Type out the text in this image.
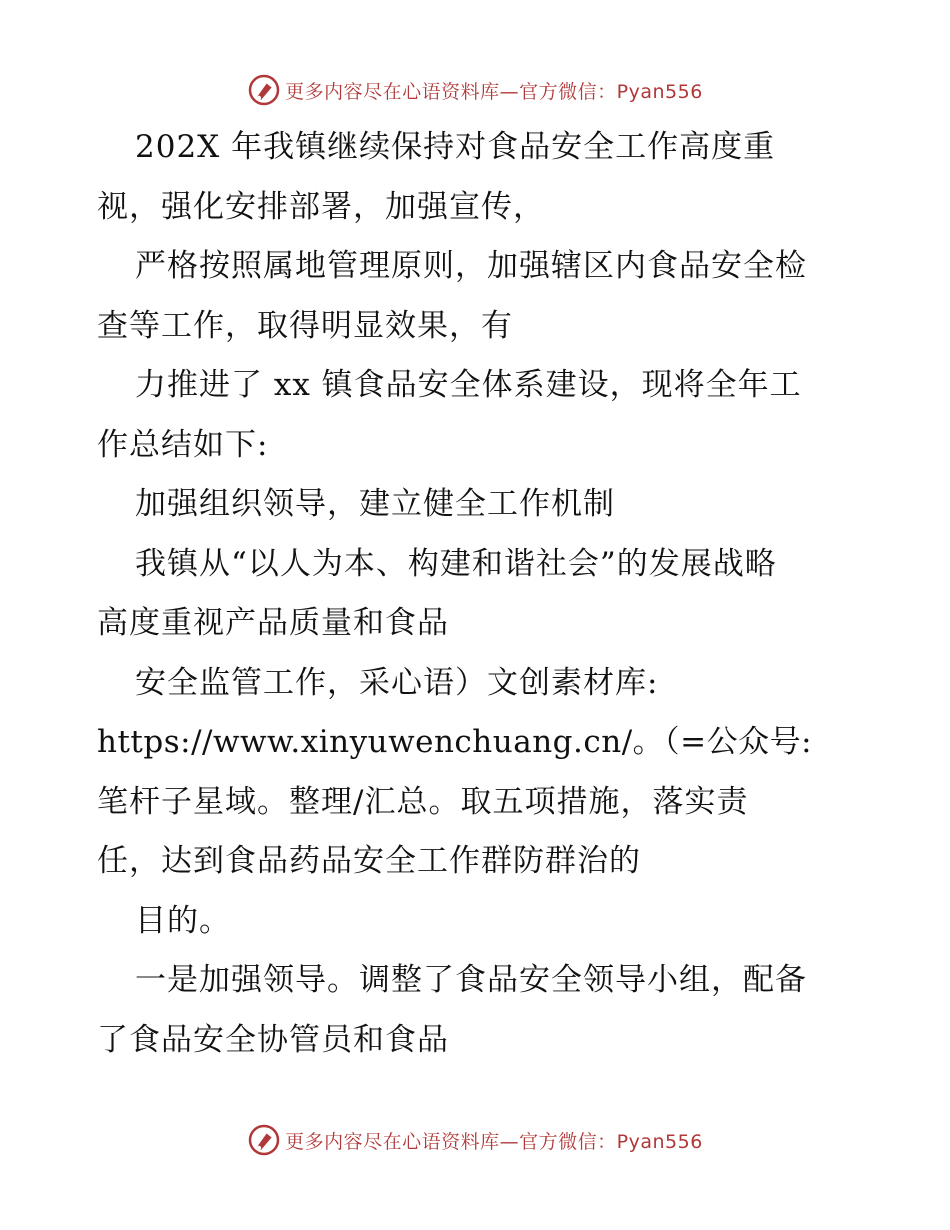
更多内容尽在心语资料库—官方微信：Pyan556
202X 年我镇继续保持对食品安全工作高度重
视，强化安排部署，加强宣传，
严格按照属地管理原则，加强辖区内食品安全检
查等工作，取得明显效果，有
力推进了 xx 镇食品安全体系建设，现将全年工
作总结如下:
加强组织领导，建立健全工作机制
我镇从“以人为本、构建和谐社会”的发展战略
高度重视产品质量和食品
安全监管工作，采心语）文创素材库:
https://www.xinyuwenchuang.cn/。（=公众号:
笔杆子星域。整理/汇总。取五项措施，落实责
任，达到食品药品安全工作群防群治的
目的。
一是加强领导。调整了食品安全领导小组，配备
了食品安全协管员和食品
更多内容尽在心语资料库—官方微信：Pyan556
